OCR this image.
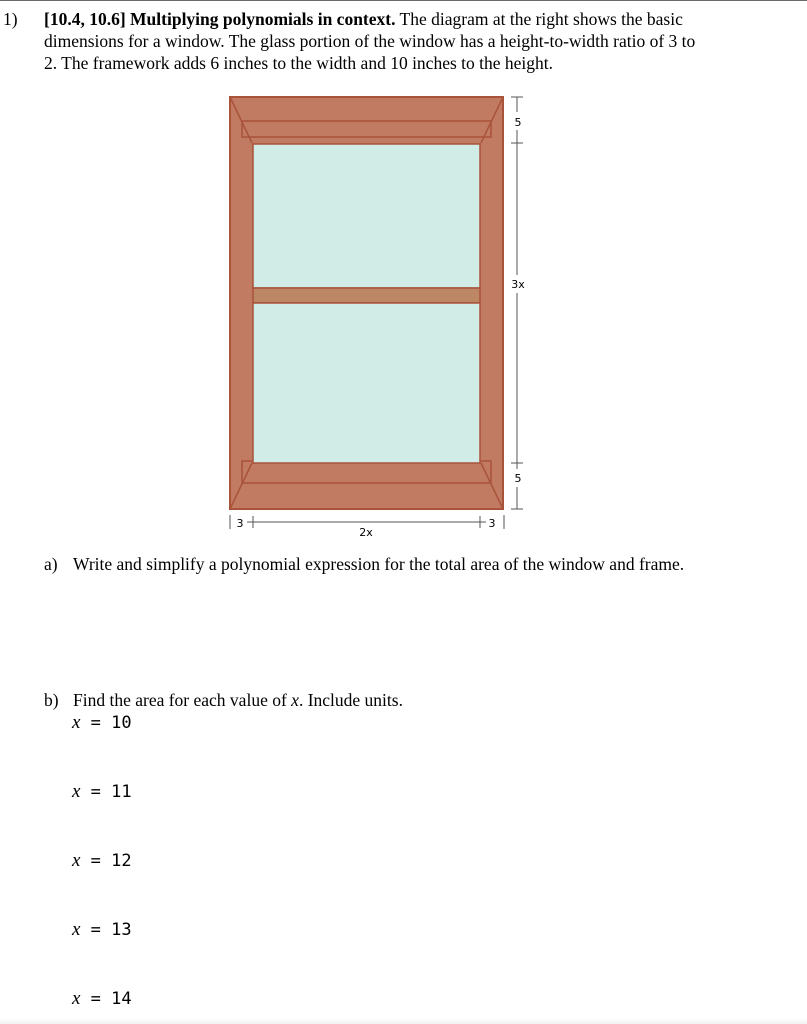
1) [10.4, 10.6] Multiplying polynomials in context. The diagram at the right shows the basic
dimensions for a window. The glass portion of the window has a height-to-width ratio of 3 to
2. The framework adds 6 inches to the width and 10 inches to the height.
5
3x
5
3	3
2x
a) Write and simplify a polynomial expression for the total area of the window and frame.
b) Find the area for each value of x. Include units.
x = 10
x = 11
x = 12
x = 13
x = 14
